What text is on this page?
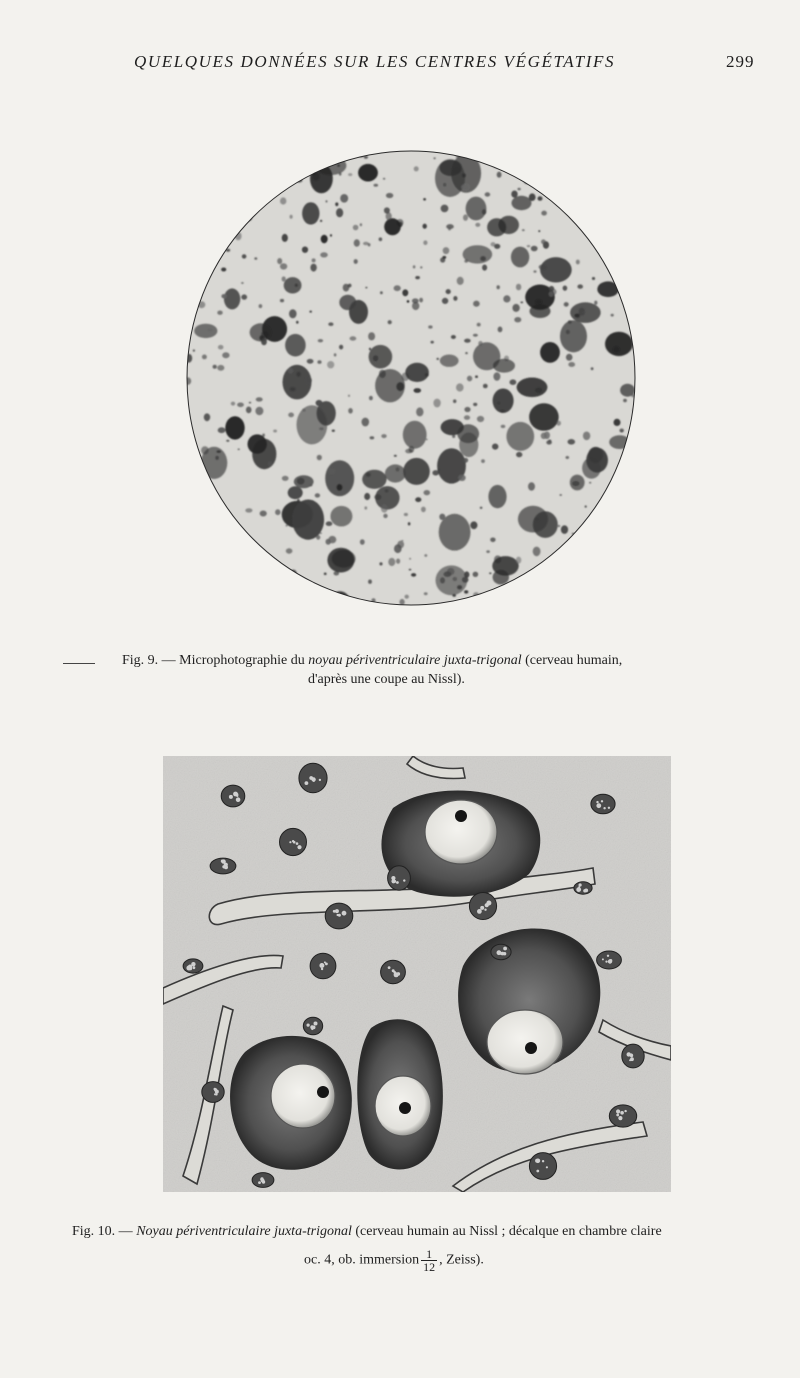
QUELQUES DONNÉES SUR LES CENTRES VÉGÉTATIFS	299
Fig. 9. — Microphotographie du noyau périventriculaire juxta-trigonal (cerveau humain,
d'après une coupe au Nissl).
Fig. 10. — Noyau périventriculaire juxta-trigonal (cerveau humain au Nissl ; décalque en chambre claire
oc. 4, ob. immersion $\frac{1}{12}$ , Zeiss).
